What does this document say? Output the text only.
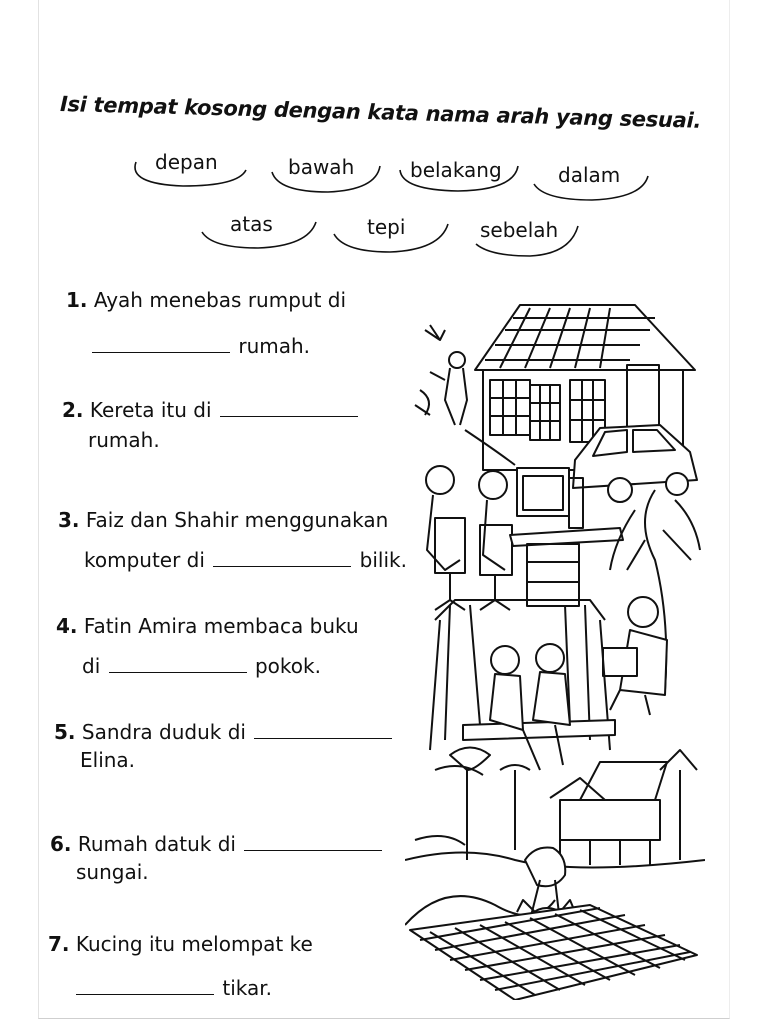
Isi tempat kosong dengan kata nama arah yang sesuai.
depan	bawah	belakang	dalam
atas	tepi	sebelah
1. Ayah menebas rumput di
rumah.
2. Kereta itu di
rumah.
3. Faiz dan Shahir menggunakan
komputer di	bilik.
4. Fatin Amira membaca buku
di	pokok.
5. Sandra duduk di
Elina.
6. Rumah datuk di
sungai.
7. Kucing itu melompat ke
tikar.
